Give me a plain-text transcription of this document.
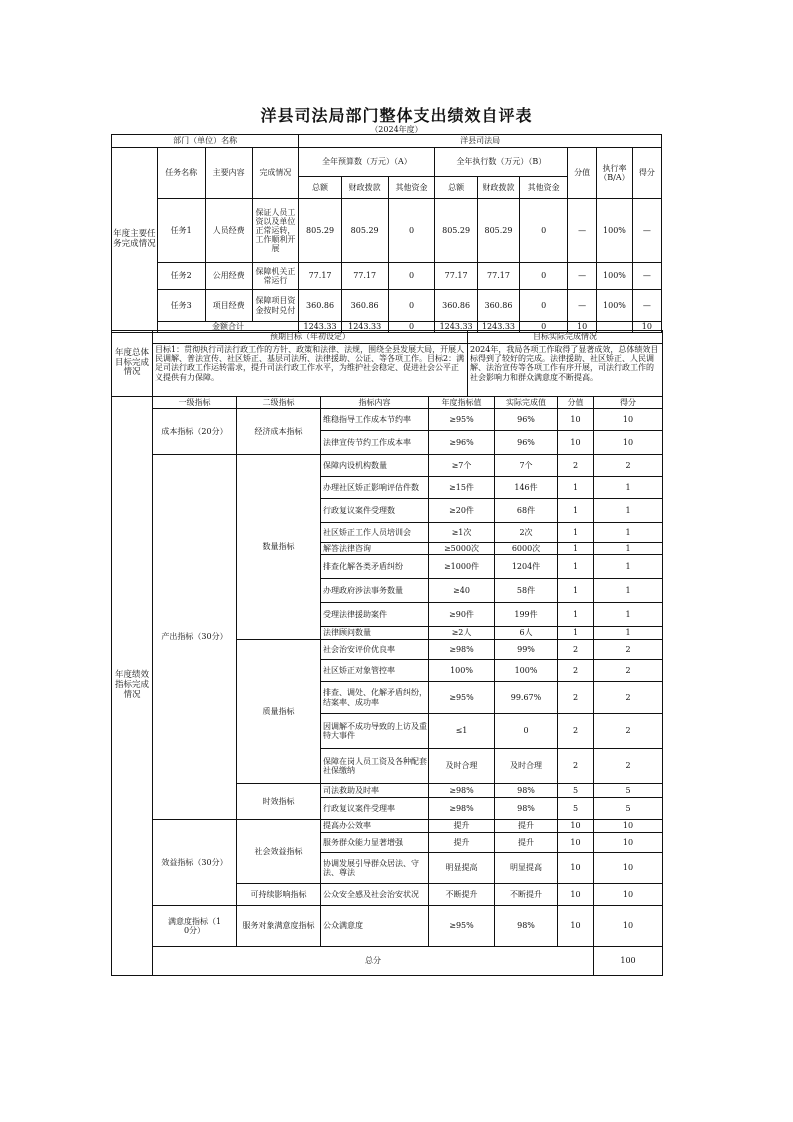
洋县司法局部门整体支出绩效自评表
（2024年度）
部门（单位）名称				洋县司法局								
年度主要任务完成情况	任务名称	主要内容	完成情况	全年预算数（万元）（A）			全年执行数（万元）（B）			分值	执行率（B/A）	得分
				总额	财政拨款	其他资金	总额	财政拨款	其他资金			
	任务1	人员经费	保证人员工资以及单位正常运转，工作顺利开展	805.29	805.29	0	805.29	805.29	0	—	100%	—
	任务2	公用经费	保障机关正常运行	77.17	77.17	0	77.17	77.17	0	—	100%	—
	任务3	项目经费	保障项目资金按时兑付	360.86	360.86	0	360.86	360.86	0	—	100%	—
	金额合计			1243.33	1243.33	0	1243.33	1243.33	0	10		10
年度总体目标完成情况	预期目标（年初设定）	目标实际完成情况
	目标1：贯彻执行司法行政工作的方针、政策和法律、法规，围绕全县发展大局，开展人民调解、普法宣传、社区矫正、基层司法所、法律援助、公证、等各项工作。目标2：满足司法行政工作运转需求，提升司法行政工作水平，为维护社会稳定、促进社会公平正义提供有力保障。	2024年，我局各项工作取得了显著成效，总体绩效目标得到了较好的完成。法律援助、社区矫正、人民调解、法治宣传等各项工作有序开展，司法行政工作的社会影响力和群众满意度不断提高。
年度绩效指标完成情况	一级指标	二级指标	指标内容	年度指标值	实际完成值	分值	得分	
	成本指标（20分）	经济成本指标	维稳指导工作成本节约率	≥95%	96%	10	10	
			法律宣传节约工作成本率	≥96%	96%	10	10	
	产出指标（30分）	数量指标	保障内设机构数量	≥7个	7个	2	2	
			办理社区矫正影响评估件数	≥15件	146件	1	1	
			行政复议案件受理数	≥20件	68件	1	1	
			社区矫正工作人员培训会	≥1次	2次	1	1	
			解答法律咨询	≥5000次	6000次	1	1	
			排查化解各类矛盾纠纷	≥1000件	1204件	1	1	
			办理政府涉法事务数量	≥40	58件	1	1	
			受理法律援助案件	≥90件	199件	1	1	
			法律顾问数量	≥2人	6人	1	1	
		质量指标	社会治安评价优良率	≥98%	99%	2	2	
			社区矫正对象管控率	100%	100%	2	2	
			排查、调处、化解矛盾纠纷，结案率、成功率	≥95%	99.67%	2	2	
			因调解不成功导致的上访及重特大事件	≤1	0	2	2	
			保障在岗人员工资及各种配套社保缴纳	及时合理	及时合理	2	2	
		时效指标	司法救助及时率	≥98%	98%	5	5	
			行政复议案件受理率	≥98%	98%	5	5	
	效益指标（30分）	社会效益指标	提高办公效率	提升	提升	10	10	
			服务群众能力显著增强	提升	提升	10	10	
			协调发展引导群众居法、守法、尊法	明显提高	明显提高	10	10	
		可持续影响指标	公众安全感及社会治安状况	不断提升	不断提升	10	10	
	满意度指标（10分）	服务对象满意度指标	公众满意度	≥95%	98%	10	10	
	总分						100	
